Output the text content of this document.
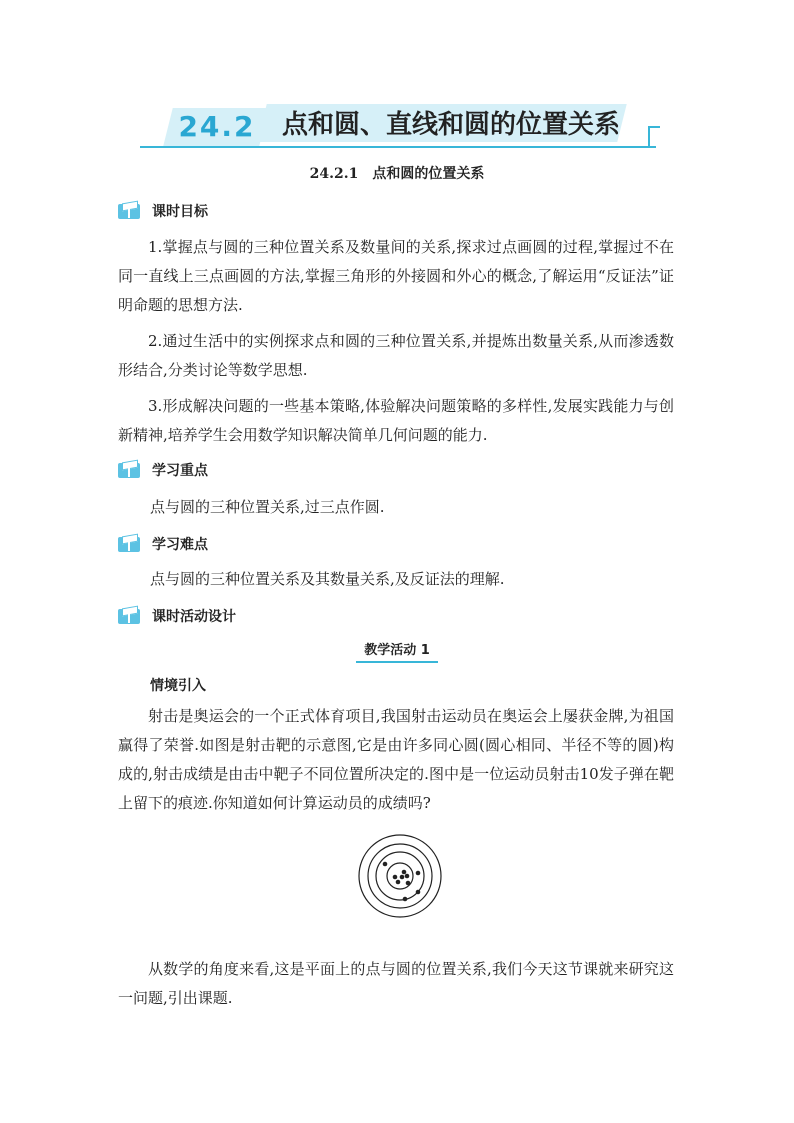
24.2	点和圆、直线和圆的位置关系
24.2.1 点和圆的位置关系
课时目标

1.掌握点与圆的三种位置关系及数量间的关系,探求过点画圆的过程,掌握过不在同一直线上三点画圆的方法,掌握三角形的外接圆和外心的概念,了解运用“反证法”证明命题的思想方法.

2.通过生活中的实例探求点和圆的三种位置关系,并提炼出数量关系,从而渗透数形结合,分类讨论等数学思想.

3.形成解决问题的一些基本策略,体验解决问题策略的多样性,发展实践能力与创新精神,培养学生会用数学知识解决简单几何问题的能力.

学习重点

点与圆的三种位置关系,过三点作圆.

学习难点

点与圆的三种位置关系及其数量关系,及反证法的理解.

课时活动设计
教学活动 1
情境引入

射击是奥运会的一个正式体育项目,我国射击运动员在奥运会上屡获金牌,为祖国赢得了荣誉.如图是射击靶的示意图,它是由许多同心圆(圆心相同、半径不等的圆)构成的,射击成绩是由击中靶子不同位置所决定的.图中是一位运动员射击10发子弹在靶上留下的痕迹.你知道如何计算运动员的成绩吗?

从数学的角度来看,这是平面上的点与圆的位置关系,我们今天这节课就来研究这一问题,引出课题.
